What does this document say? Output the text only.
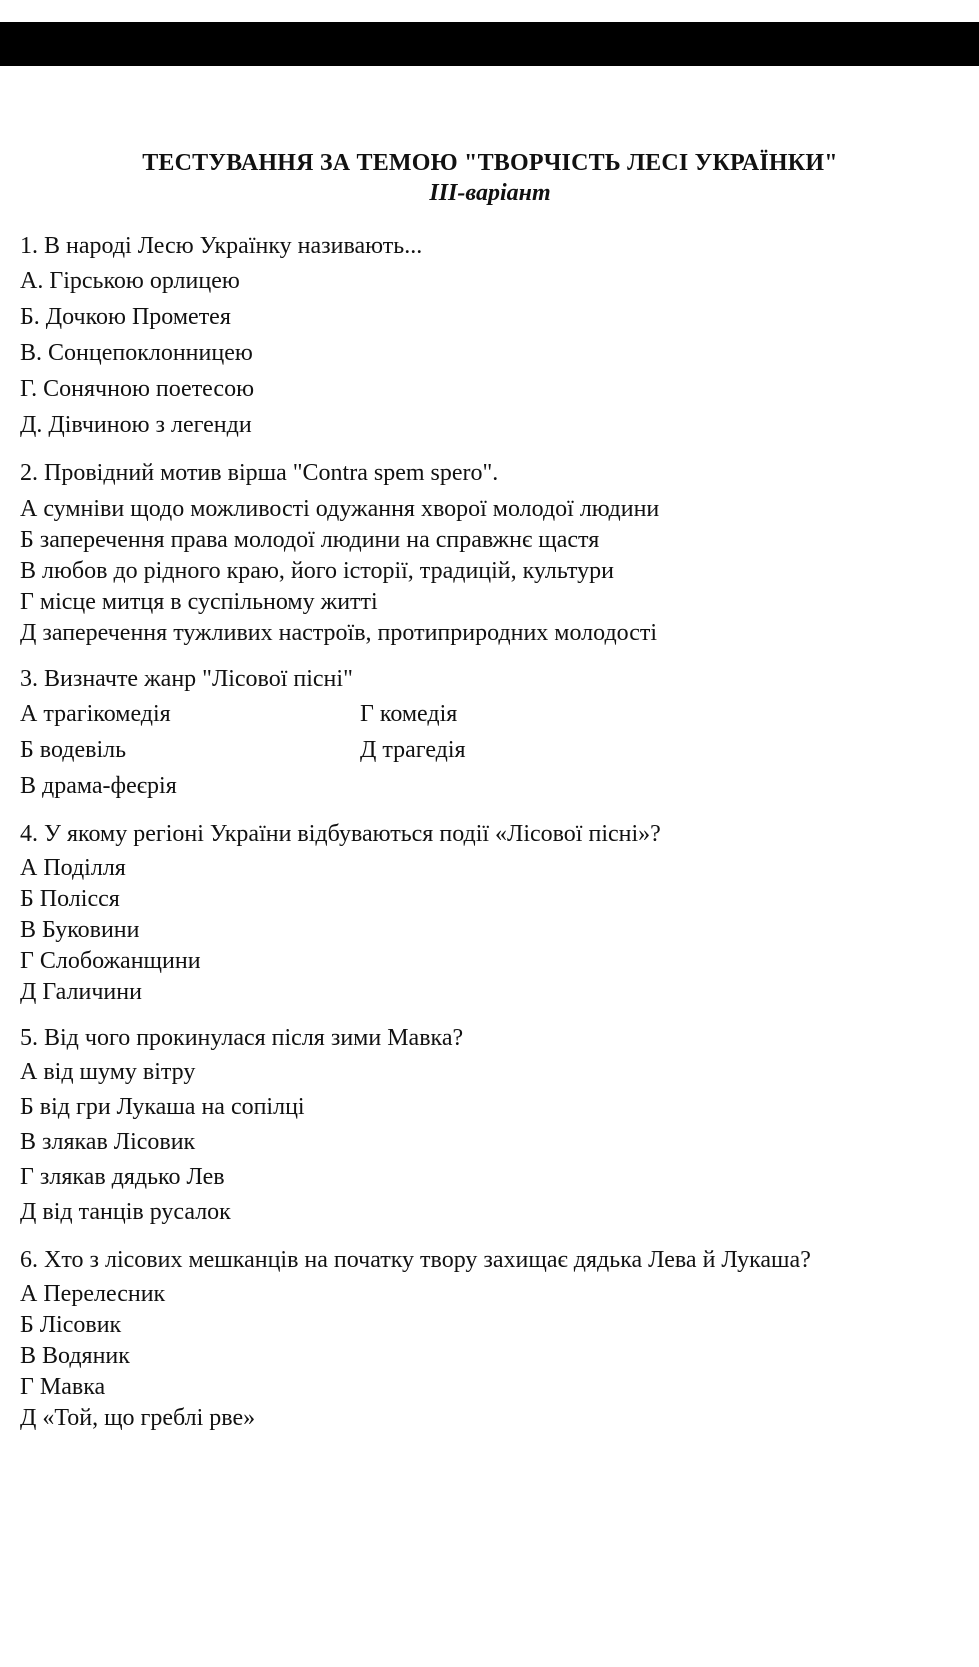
ТЕСТУВАННЯ ЗА ТЕМОЮ "ТВОРЧІСТЬ ЛЕСІ УКРАЇНКИ"

ІІІ-варіант

1. В народі Лесю Українку називають...

А. Гірською орлицею

Б. Дочкою Прометея

В. Сонцепоклонницею

Г. Сонячною поетесою

Д. Дівчиною з легенди

2. Провідний мотив вірша "Contra spem spero".

А сумніви щодо можливості одужання хворої молодої людини

Б заперечення права молодої людини на справжнє щастя

В любов до рідного краю, його історії, традицій, культури

Г місце митця в суспільному житті

Д заперечення тужливих настроїв, протиприродних молодості

3. Визначте жанр "Лісової пісні"

А трагікомедія	Г комедія

Б водевіль	Д трагедія

В драма-феєрія

4. У якому регіоні України відбуваються події «Лісової пісні»?

А Поділля

Б Полісся

В Буковини

Г Слобожанщини

Д Галичини

5. Від чого прокинулася після зими Мавка?

А від шуму вітру

Б від гри Лукаша на сопілці

В злякав Лісовик

Г злякав дядько Лев

Д від танців русалок

6. Хто з лісових мешканців на початку твору захищає дядька Лева й Лукаша?

А Перелесник

Б Лісовик

В Водяник

Г Мавка

Д «Той, що греблі рве»
